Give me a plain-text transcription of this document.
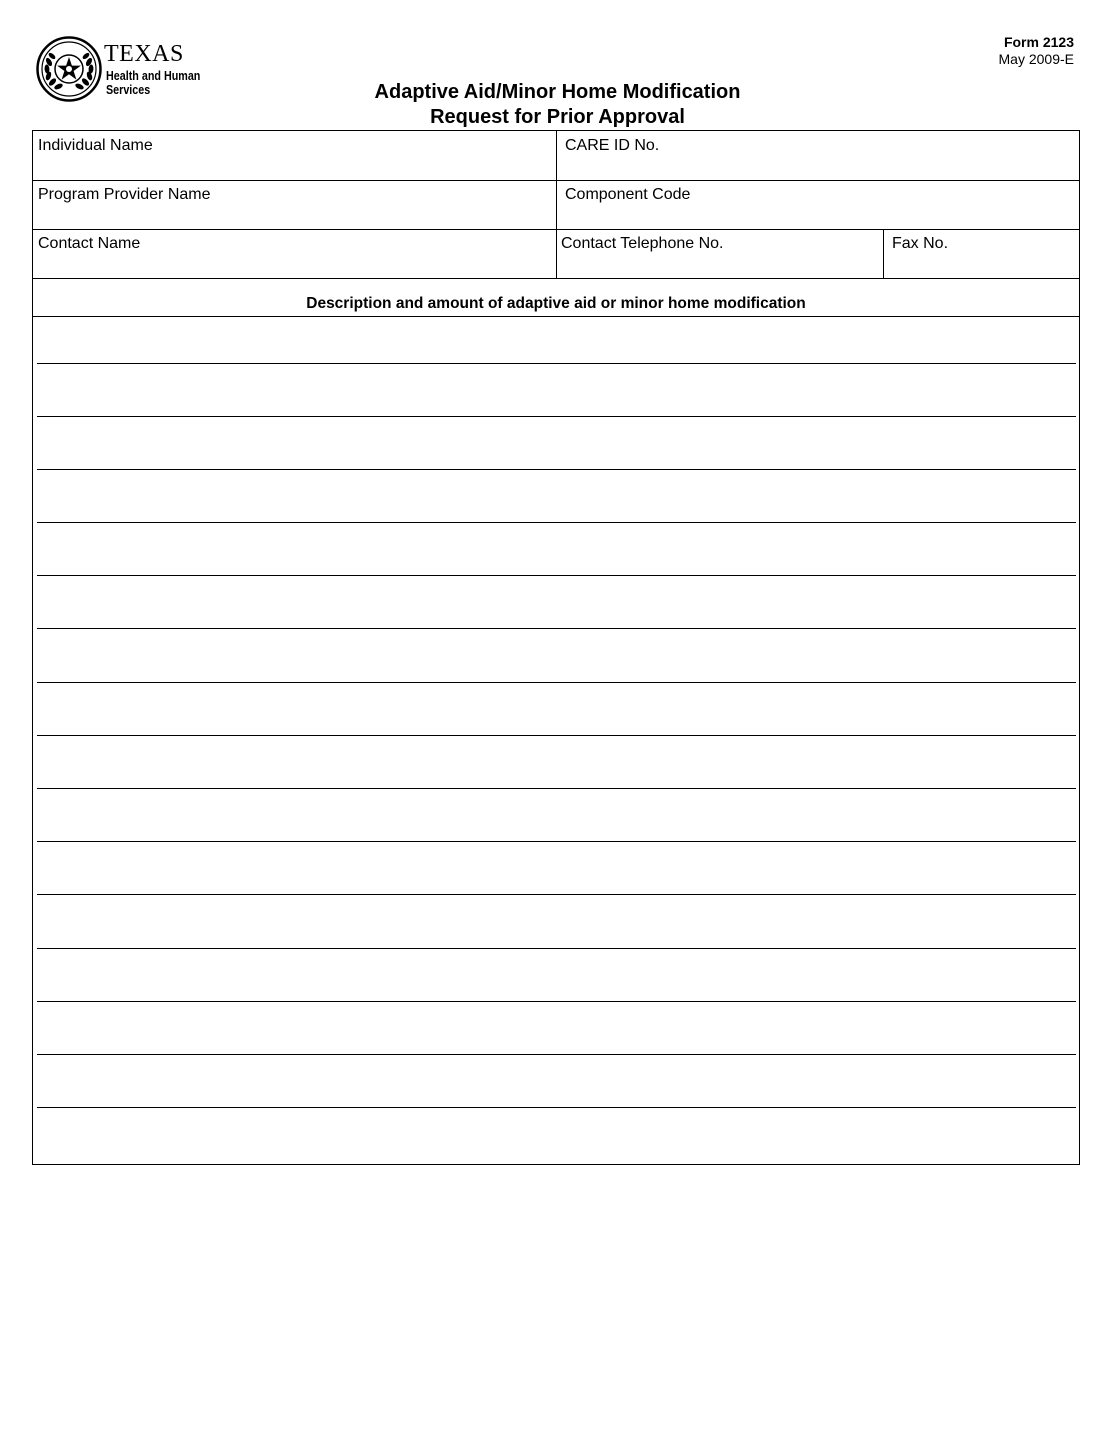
TEXAS
Health and Human
Services
Form 2123
May 2009-E
Adaptive Aid/Minor Home Modification
Request for Prior Approval
Individual Name	CARE ID No.
Program Provider Name	Component Code
Contact Name	Contact Telephone No.	Fax No.
Description and amount of adaptive aid or minor home modification
